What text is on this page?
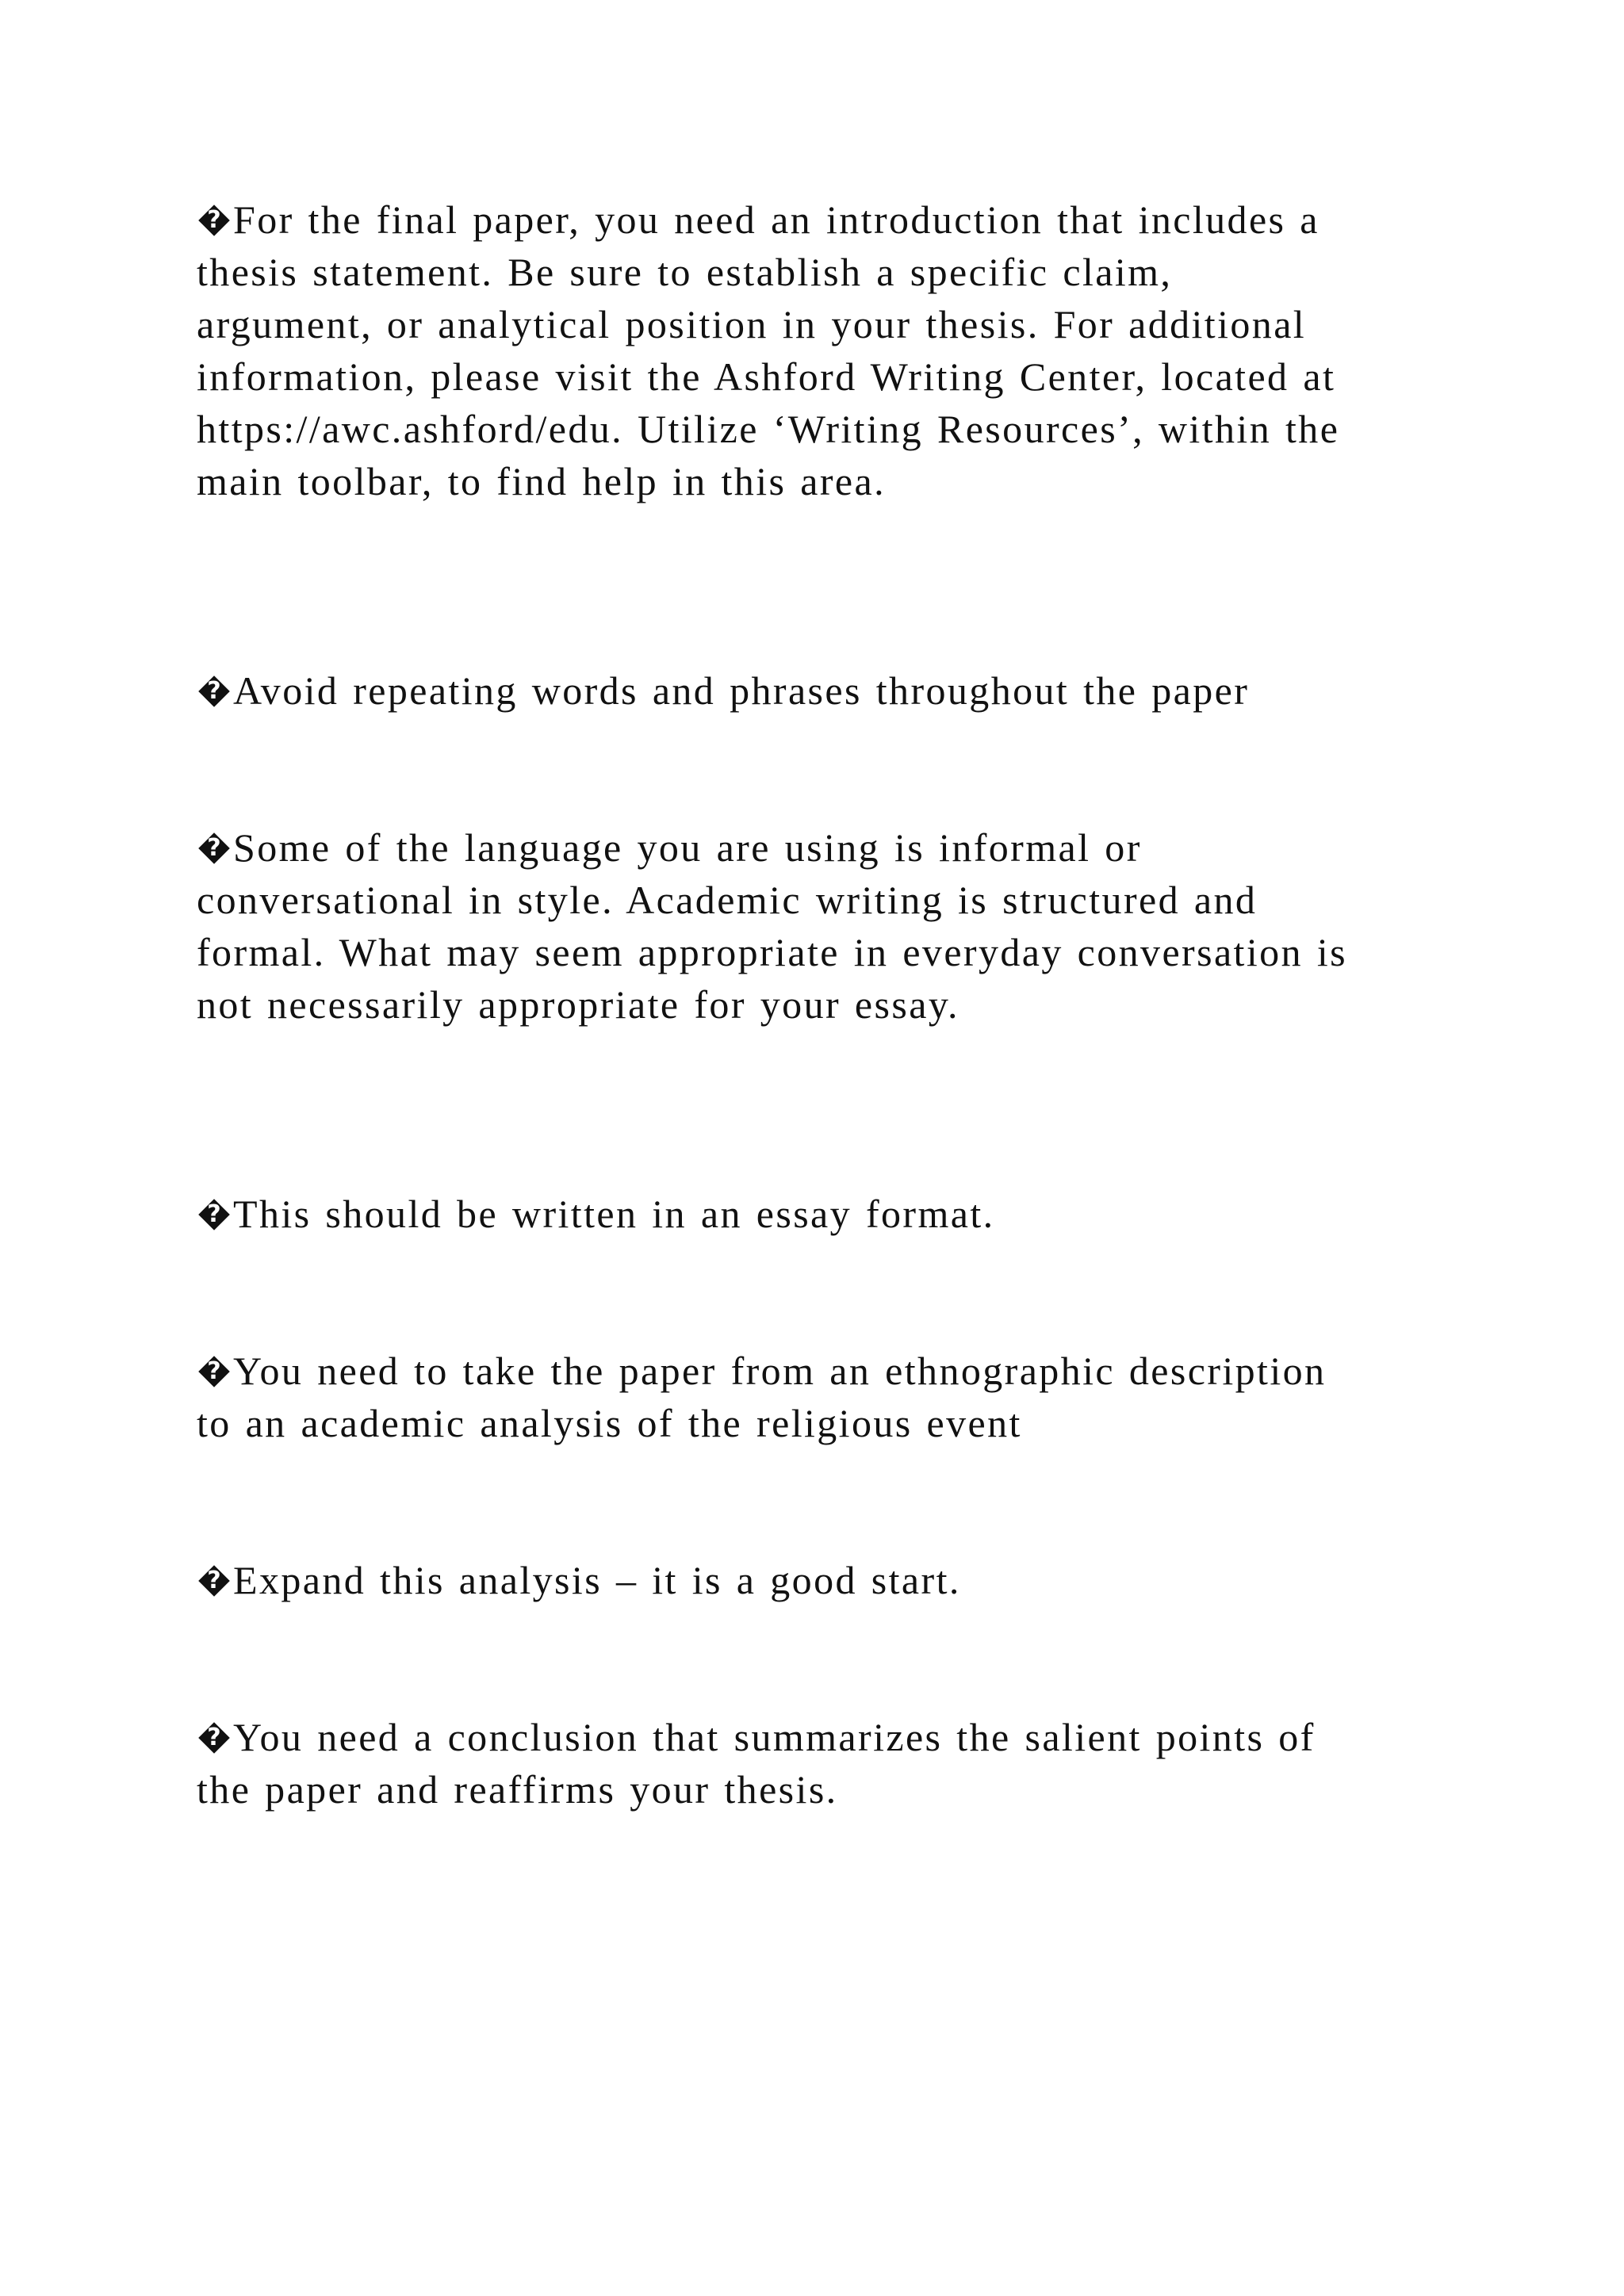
? For the final paper, you need an introduction that includes a
thesis statement. Be sure to establish a specific claim,
argument, or analytical position in your thesis. For additional
information, please visit the Ashford Writing Center, located at
https://awc.ashford/edu. Utilize ‘Writing Resources’, within the
main toolbar, to find help in this area.

? Avoid repeating words and phrases throughout the paper

? Some of the language you are using is informal or
conversational in style. Academic writing is structured and
formal. What may seem appropriate in everyday conversation is
not necessarily appropriate for your essay.

? This should be written in an essay format.

? You need to take the paper from an ethnographic description
to an academic analysis of the religious event

? Expand this analysis – it is a good start.

? You need a conclusion that summarizes the salient points of
the paper and reaffirms your thesis.
